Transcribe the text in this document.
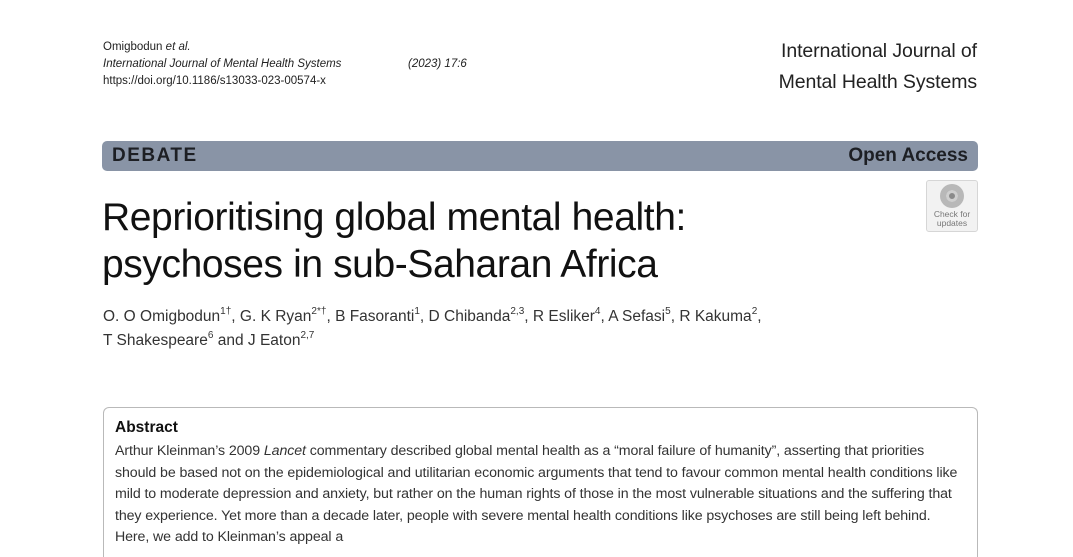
Omigbodun et al.
International Journal of Mental Health Systems	(2023) 17:6
https://doi.org/10.1186/s13033-023-00574-x
International Journal of
Mental Health Systems
DEBATE	Open Access
Check for
updates
Reprioritising global mental health:
psychoses in sub-Saharan Africa
O. O Omigbodun$^{1\dagger}$, G. K Ryan$^{2*\dagger}$, B Fasoranti$^1$, D Chibanda$^{2,3}$, R Esliker$^4$, A Sefasi$^5$, R Kakuma$^2$,
T Shakespeare$^6$ and J Eaton$^{2,7}$
Abstract

Arthur Kleinman’s 2009 Lancet commentary described global mental health as a “moral failure of humanity”, asserting that priorities should be based not on the epidemiological and utilitarian economic arguments that tend to favour common mental health conditions like mild to moderate depression and anxiety, but rather on the human rights of those in the most vulnerable situations and the suffering that they experience. Yet more than a decade later, people with severe mental health conditions like psychoses are still being left behind. Here, we add to Kleinman’s appeal a
